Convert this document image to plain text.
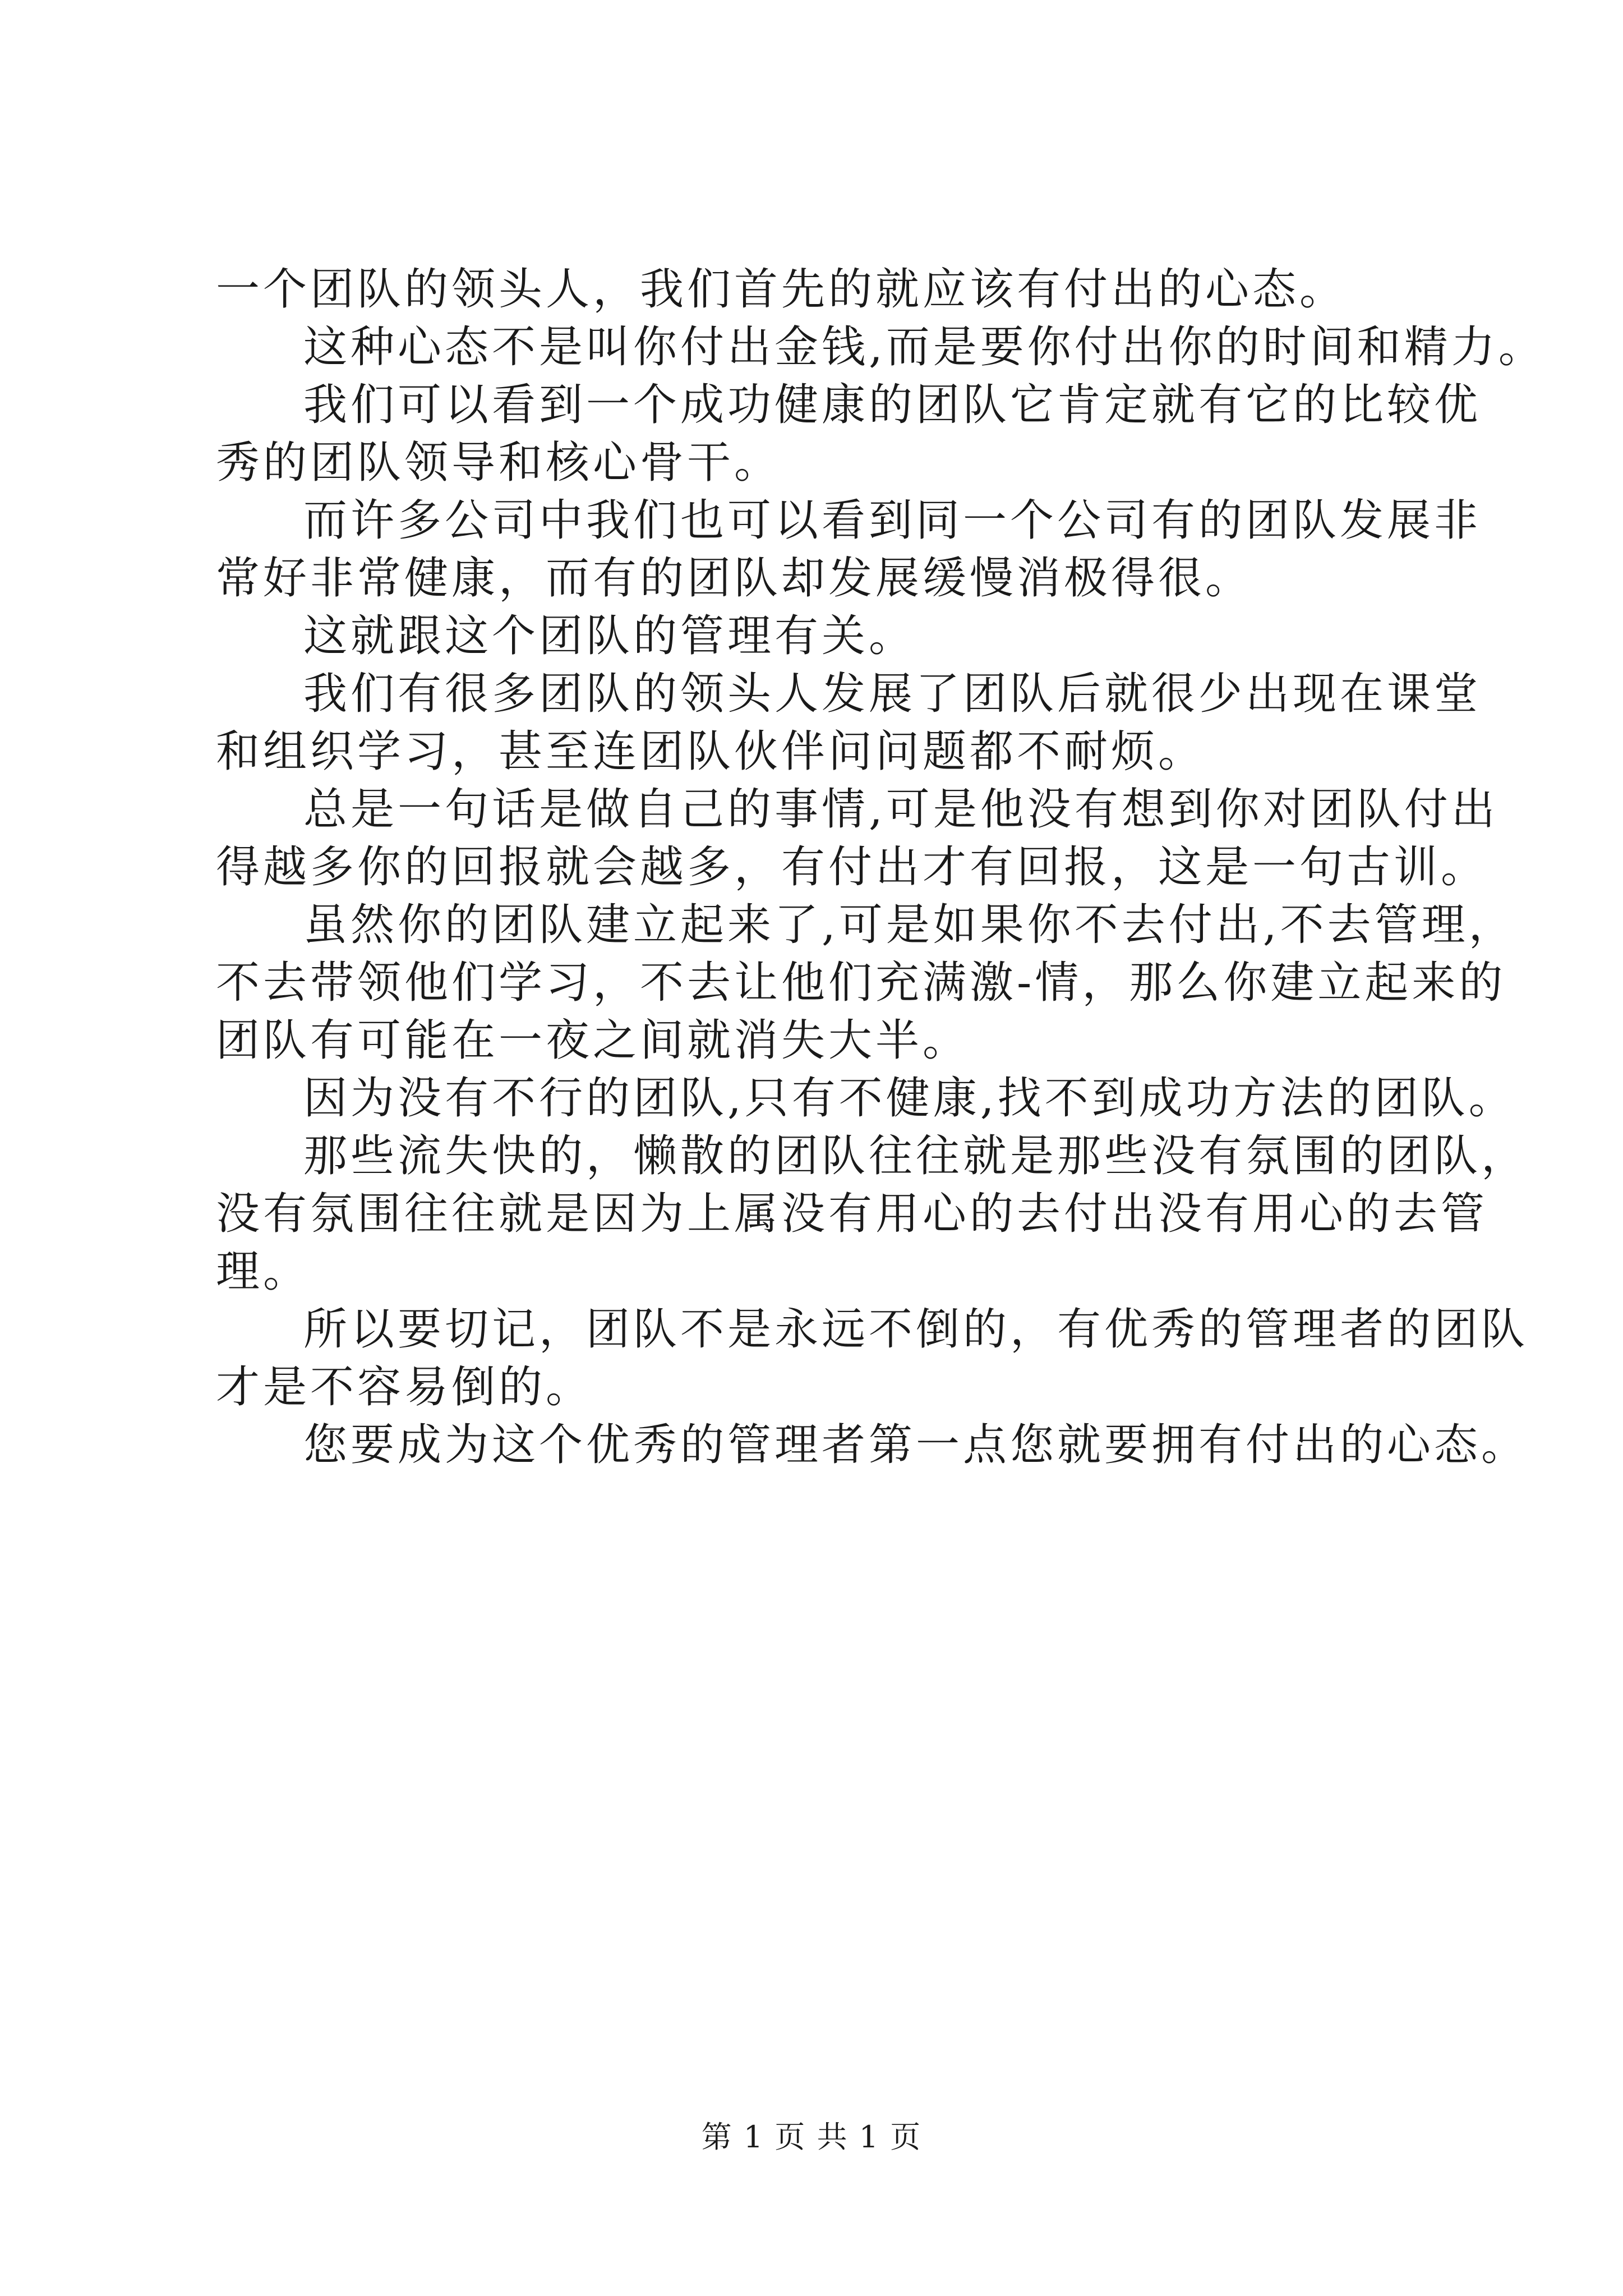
一个团队的领头人，我们首先的就应该有付出的心态。
这种心态不是叫你付出金钱,而是要你付出你的时间和精力。
我们可以看到一个成功健康的团队它肯定就有它的比较优
秀的团队领导和核心骨干。
而许多公司中我们也可以看到同一个公司有的团队发展非
常好非常健康，而有的团队却发展缓慢消极得很。
这就跟这个团队的管理有关。
我们有很多团队的领头人发展了团队后就很少出现在课堂
和组织学习，甚至连团队伙伴问问题都不耐烦。
总是一句话是做自己的事情,可是他没有想到你对团队付出
得越多你的回报就会越多，有付出才有回报，这是一句古训。
虽然你的团队建立起来了,可是如果你不去付出,不去管理，
不去带领他们学习，不去让他们充满激-情，那么你建立起来的
团队有可能在一夜之间就消失大半。
因为没有不行的团队,只有不健康,找不到成功方法的团队。
那些流失快的，懒散的团队往往就是那些没有氛围的团队，
没有氛围往往就是因为上属没有用心的去付出没有用心的去管
理。
所以要切记，团队不是永远不倒的，有优秀的管理者的团队
才是不容易倒的。
您要成为这个优秀的管理者第一点您就要拥有付出的心态。
第 1 页 共 1 页
